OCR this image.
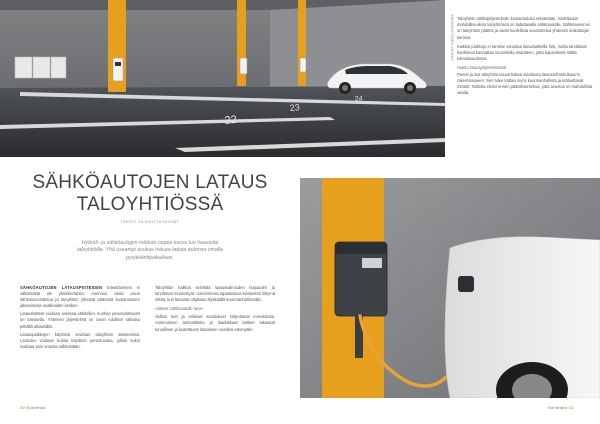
22
23
24
SÄHKÖAUTOJEN LATAUS Taloyhtiön sähköjärjestelmän kustannuksia selvitetään, minkälaisia mahdollisuuksia taloyhtiössä on ladattavalle sähköautolle. Sähköasennus on taloyhtiön päätös ja vaatii huolellista suunnittelua yhdessä urakoitsijan kanssa.

Kaikkia paikkoja ei tarvitse varustaa latauslaitteilla heti, mutta tarvittavat hankinnat kannattaa suunnitella etukäteen, jotta kapasiteetti riittää tulevaisuudessa.

Hukka latausjärjestelmästä

Pienet ja isot taloyhtiöt voivat hakea avustusta latausinfrastruktuurin rakentamiseen. Sen tulee kattaa myös kuormanhallinta ja etäluettavat mittarit. Tarkista ehdot ennen päätöksentekoa, jotta avustus on mahdollista saada.

SÄHKÖAUTOJEN LATAUS
TALOYHTIÖSSÄ
TEKSTI JA KUVITUSKUVAT
Hybridi- ja sähköautojen määrän nopea kasvu luo haasteita taloyhtiöille. Yhä useampi asukas haluaa ladata autonsa omalla pysäköintipaikallaan.

SÄHKÖAUTOJEN LATAUSPISTEIDEN toteuttaminen ei välttämättä ole yksinkertaista. Asennus vaatii usein sähkösuunnittelua ja taloyhtiön yhteistä päätöstä kustannusten jakamisesta osakkaiden kesken.

Latauslaitteet voidaan asentaa vähitellen, kunhan perusvalmiudet on toteutettu. Yhteinen järjestelmä on usein edullisin ratkaisu pitkällä aikavälillä.

Latauspaikkojen käytöstä sovitaan taloyhtiön säännöissä. Laskutus voidaan hoitaa käyttöön perustuvana, jolloin kukin maksaa vain omasta sähköstään.

Taloyhtiön hallitus selvittää latausvalmiuden laajuuden ja tarvittavat muutostyöt. Useimmissa tapauksissa kiinteistön liittymä riittää, kun latausta ohjataan älykkäällä kuormanhallinnalla.

Alakset sähköautolle tarve

Valtion tuet ja erilaiset avustukset helpottavat investointia. Asennuksen ammattitaito ja laadukkaat laitteet takaavat turvallisen ja luotettavan latauksen vuosiksi eteenpäin.

30 Kiinteistö	Kiinteistö 31
